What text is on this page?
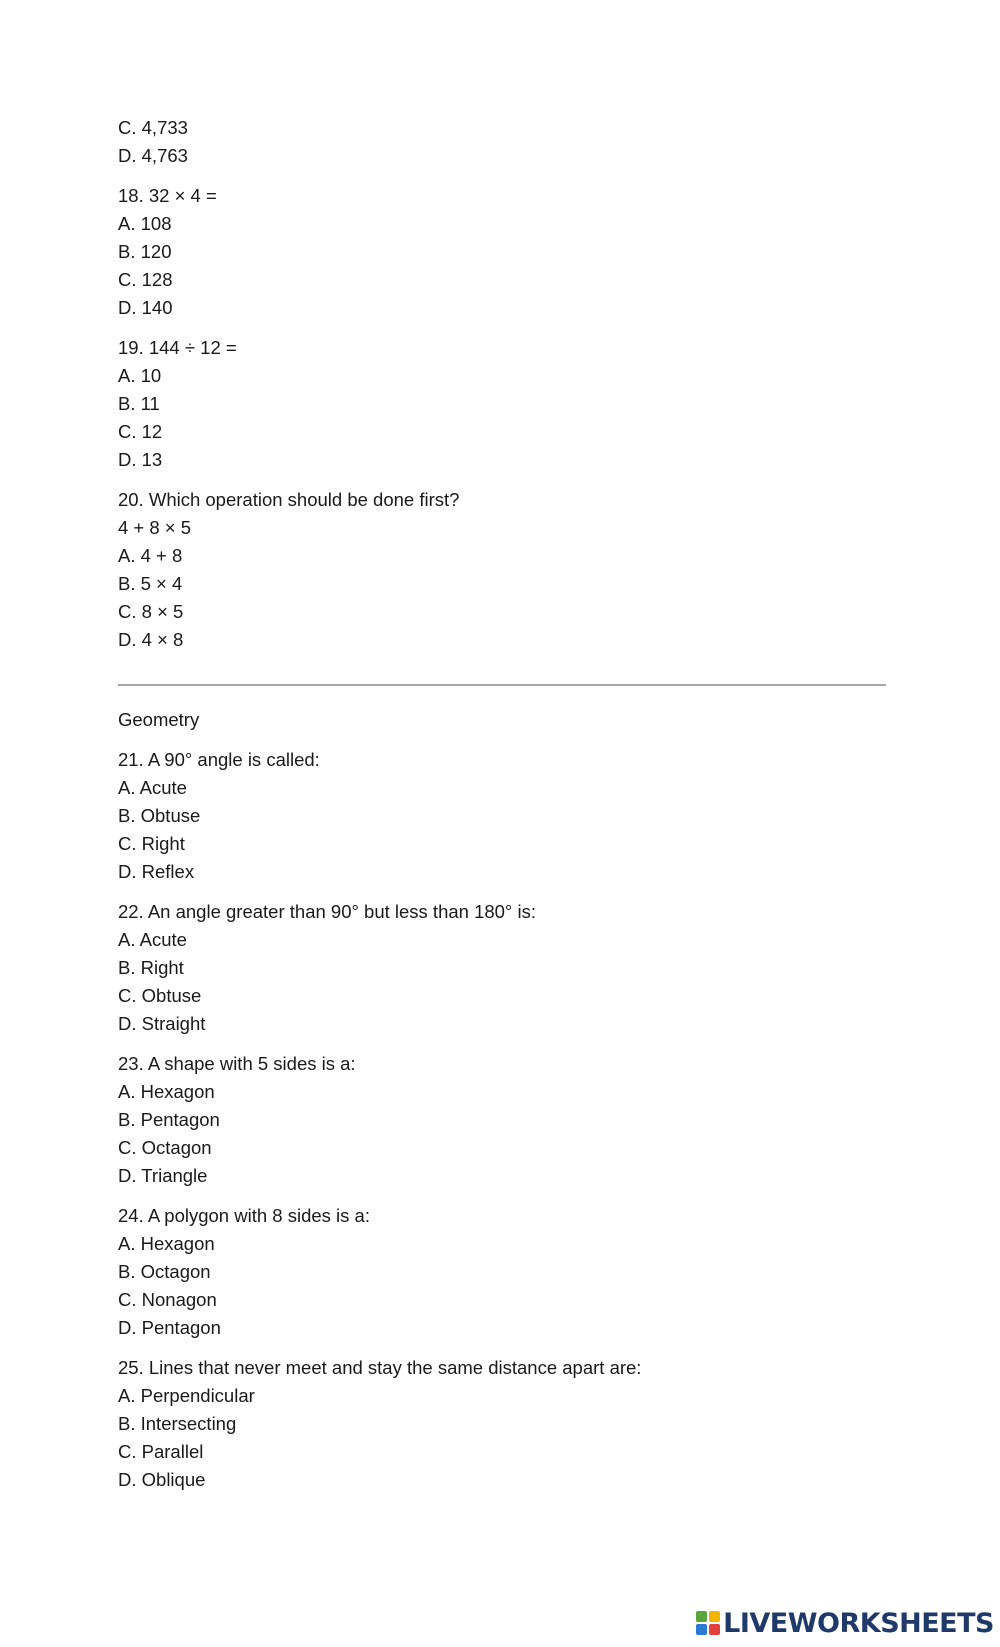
C. 4,733
D. 4,763
18. 32 × 4 =
A. 108
B. 120
C. 128
D. 140
19. 144 ÷ 12 =
A. 10
B. 11
C. 12
D. 13
20. Which operation should be done first?
4 + 8 × 5
A. 4 + 8
B. 5 × 4
C. 8 × 5
D. 4 × 8
Geometry
21. A 90° angle is called:
A. Acute
B. Obtuse
C. Right
D. Reflex
22. An angle greater than 90° but less than 180° is:
A. Acute
B. Right
C. Obtuse
D. Straight
23. A shape with 5 sides is a:
A. Hexagon
B. Pentagon
C. Octagon
D. Triangle
24. A polygon with 8 sides is a:
A. Hexagon
B. Octagon
C. Nonagon
D. Pentagon
25. Lines that never meet and stay the same distance apart are:
A. Perpendicular
B. Intersecting
C. Parallel
D. Oblique
LIVEWORKSHEETS
